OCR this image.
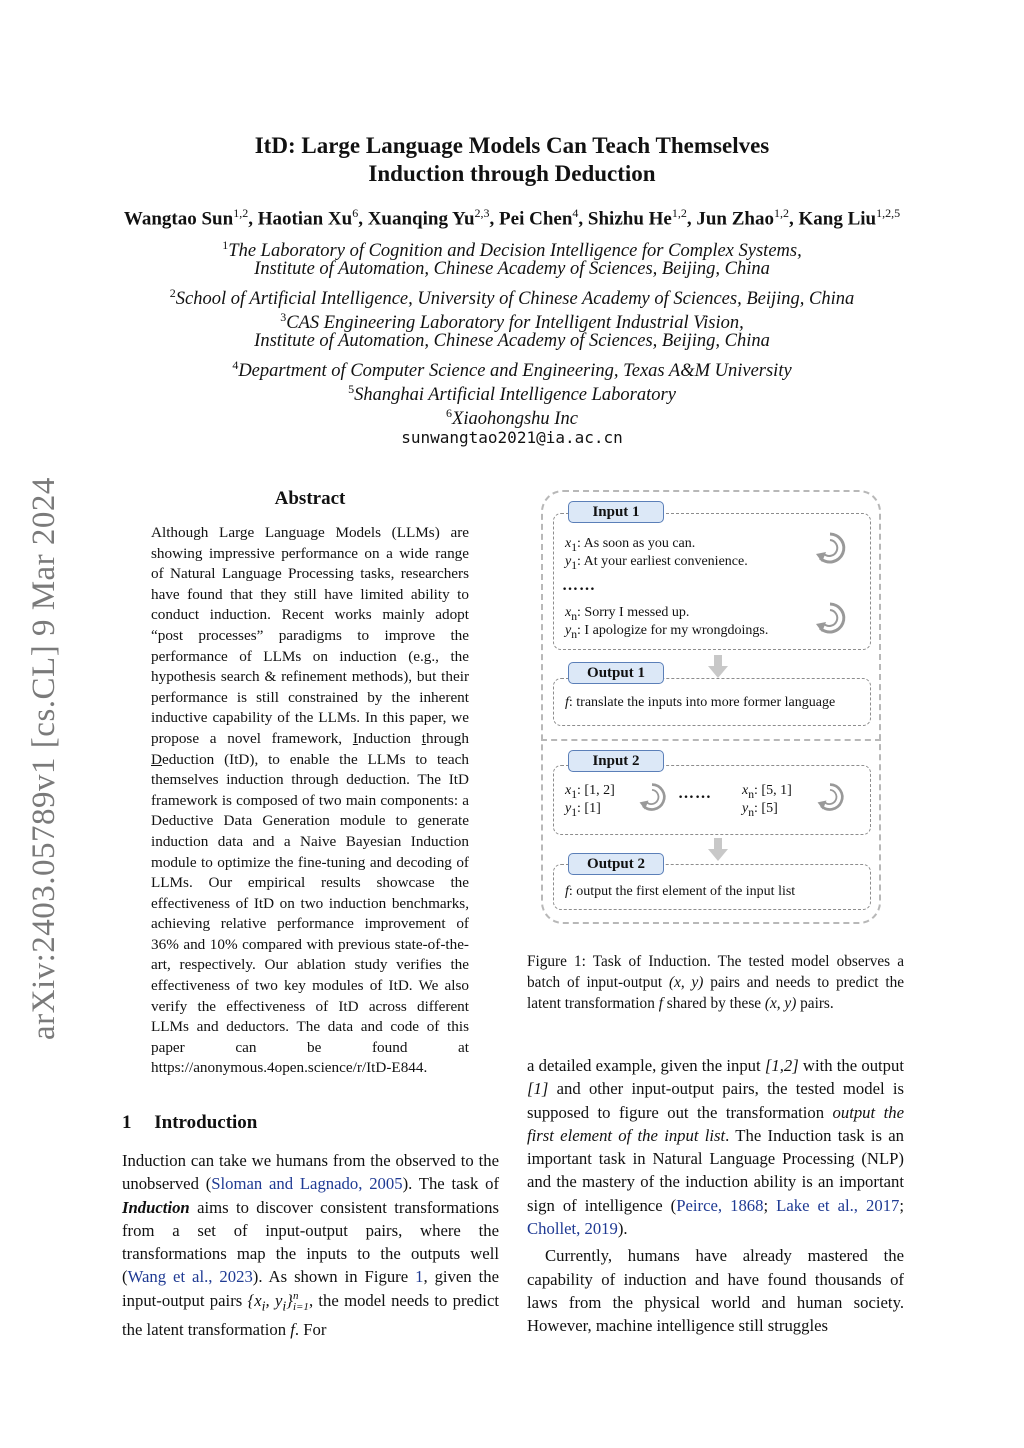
arXiv:2403.05789v1 [cs.CL] 9 Mar 2024
ItD: Large Language Models Can Teach Themselves
Induction through Deduction
Wangtao Sun$^{1,2}$, Haotian Xu$^6$, Xuanqing Yu$^{2,3}$, Pei Chen$^4$, Shizhu He$^{1,2}$, Jun Zhao$^{1,2}$, Kang Liu$^{1,2,5}$
$^1$The Laboratory of Cognition and Decision Intelligence for Complex Systems,
Institute of Automation, Chinese Academy of Sciences, Beijing, China
$^2$School of Artificial Intelligence, University of Chinese Academy of Sciences, Beijing, China
$^3$CAS Engineering Laboratory for Intelligent Industrial Vision,
Institute of Automation, Chinese Academy of Sciences, Beijing, China
$^4$Department of Computer Science and Engineering, Texas A&M University
$^5$Shanghai Artificial Intelligence Laboratory
$^6$Xiaohongshu Inc
sunwangtao2021@ia.ac.cn
Abstract
Although Large Language Models (LLMs) are showing impressive performance on a wide range of Natural Language Processing tasks, researchers have found that they still have limited ability to conduct induction. Recent works mainly adopt “post processes” paradigms to improve the performance of LLMs on induction (e.g., the hypothesis search & refinement methods), but their performance is still constrained by the inherent inductive capability of the LLMs. In this paper, we propose a novel framework, Induction through Deduction (ItD), to enable the LLMs to teach themselves induction through deduction. The ItD framework is composed of two main components: a Deductive Data Generation module to generate induction data and a Naive Bayesian Induction module to optimize the fine-tuning and decoding of LLMs. Our empirical results showcase the effectiveness of ItD on two induction benchmarks, achieving relative performance improvement of 36% and 10% compared with previous state-of-the-art, respectively. Our ablation study verifies the effectiveness of two key modules of ItD. We also verify the effectiveness of ItD across different LLMs and deductors. The data and code of this paper can be found at https://anonymous.4open.science/r/ItD-E844.
1 Introduction
Induction can take we humans from the observed to the unobserved (Sloman and Lagnado, 2005). The task of Induction aims to discover consistent transformations from a set of input-output pairs, where the transformations map the inputs to the outputs well (Wang et al., 2023). As shown in Figure 1, given the input-output pairs {$x_i$, $y_i$} n
i=1 , the model needs to predict the latent transformation f. For
Input 1
$x_1$: As soon as you can.
$y_1$: At your earliest convenience.
……
$x_n$: Sorry I messed up.
$y_n$: I apologize for my wrongdoings.
Output 1
f: translate the inputs into more former language
Input 2
$x_1$: [1, 2]
$y_1$: [1]
…… $x_n$: [5, 1]
$y_n$: [5]
Output 2
f: output the first element of the input list
Figure 1: Task of Induction. The tested model observes a batch of input-output (x, y) pairs and needs to predict the latent transformation f shared by these (x, y) pairs.
a detailed example, given the input [1,2] with the output [1] and other input-output pairs, the tested model is supposed to figure out the transformation output the first element of the input list. The Induction task is an important task in Natural Language Processing (NLP) and the mastery of the induction ability is an important sign of intelligence (Peirce, 1868; Lake et al., 2017; Chollet, 2019).
Currently, humans have already mastered the capability of induction and have found thousands of laws from the physical world and human society. However, machine intelligence still struggles
